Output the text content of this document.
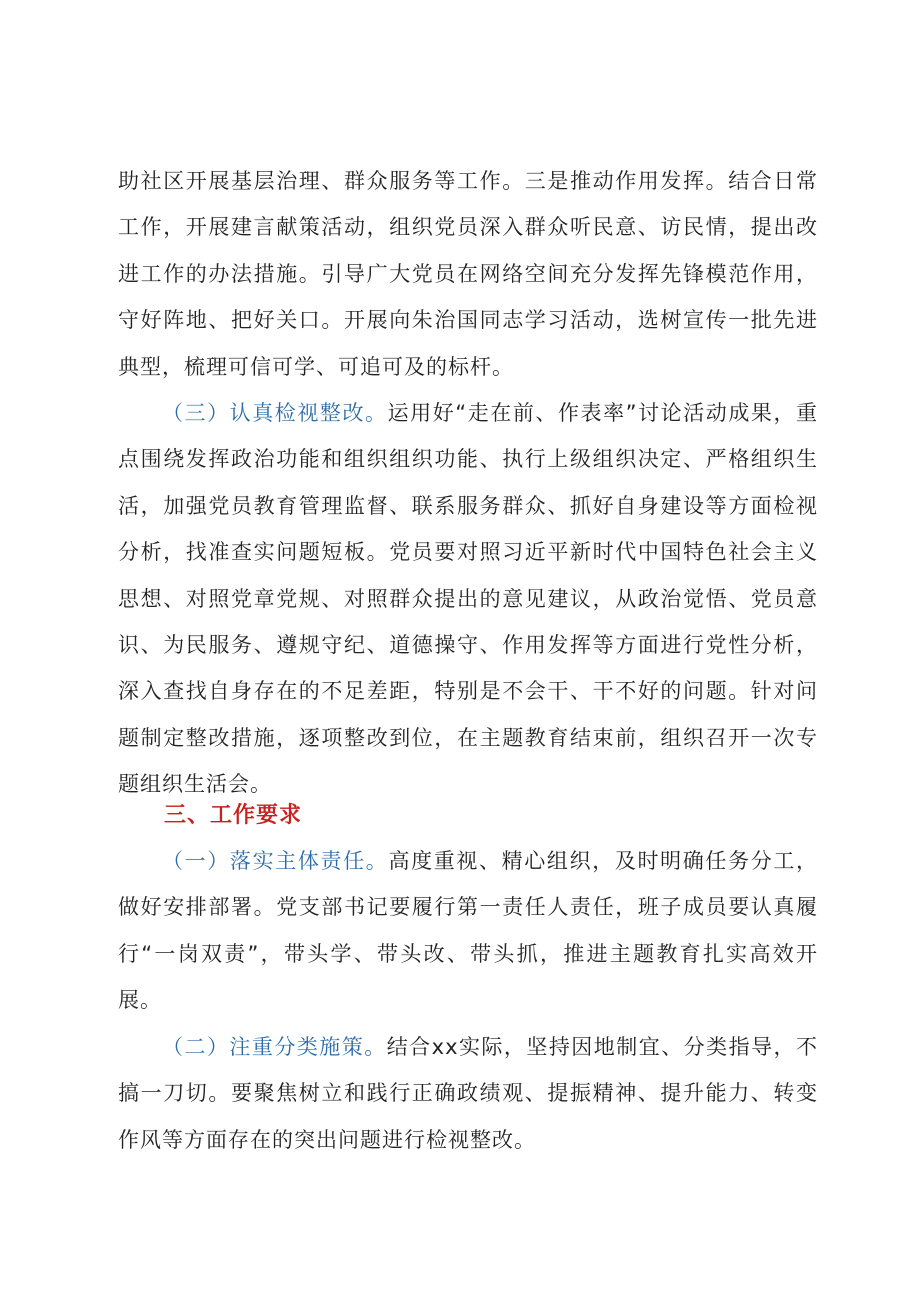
助社区开展基层治理、群众服务等工作。三是推动作用发挥。结合日常工作，开展建言献策活动，组织党员深入群众听民意、访民情，提出改进工作的办法措施。引导广大党员在网络空间充分发挥先锋模范作用，守好阵地、把好关口。开展向朱治国同志学习活动，选树宣传一批先进典型，梳理可信可学、可追可及的标杆。

（三）认真检视整改。运用好“走在前、作表率”讨论活动成果，重点围绕发挥政治功能和组织组织功能、执行上级组织决定、严格组织生活，加强党员教育管理监督、联系服务群众、抓好自身建设等方面检视分析，找准查实问题短板。党员要对照习近平新时代中国特色社会主义思想、对照党章党规、对照群众提出的意见建议，从政治觉悟、党员意识、为民服务、遵规守纪、道德操守、作用发挥等方面进行党性分析，深入查找自身存在的不足差距，特别是不会干、干不好的问题。针对问题制定整改措施，逐项整改到位，在主题教育结束前，组织召开一次专题组织生活会。

三、工作要求

（一）落实主体责任。高度重视、精心组织，及时明确任务分工，做好安排部署。党支部书记要履行第一责任人责任，班子成员要认真履行“一岗双责”，带头学、带头改、带头抓，推进主题教育扎实高效开展。

（二）注重分类施策。结合xx实际，坚持因地制宜、分类指导，不搞一刀切。要聚焦树立和践行正确政绩观、提振精神、提升能力、转变作风等方面存在的突出问题进行检视整改。
